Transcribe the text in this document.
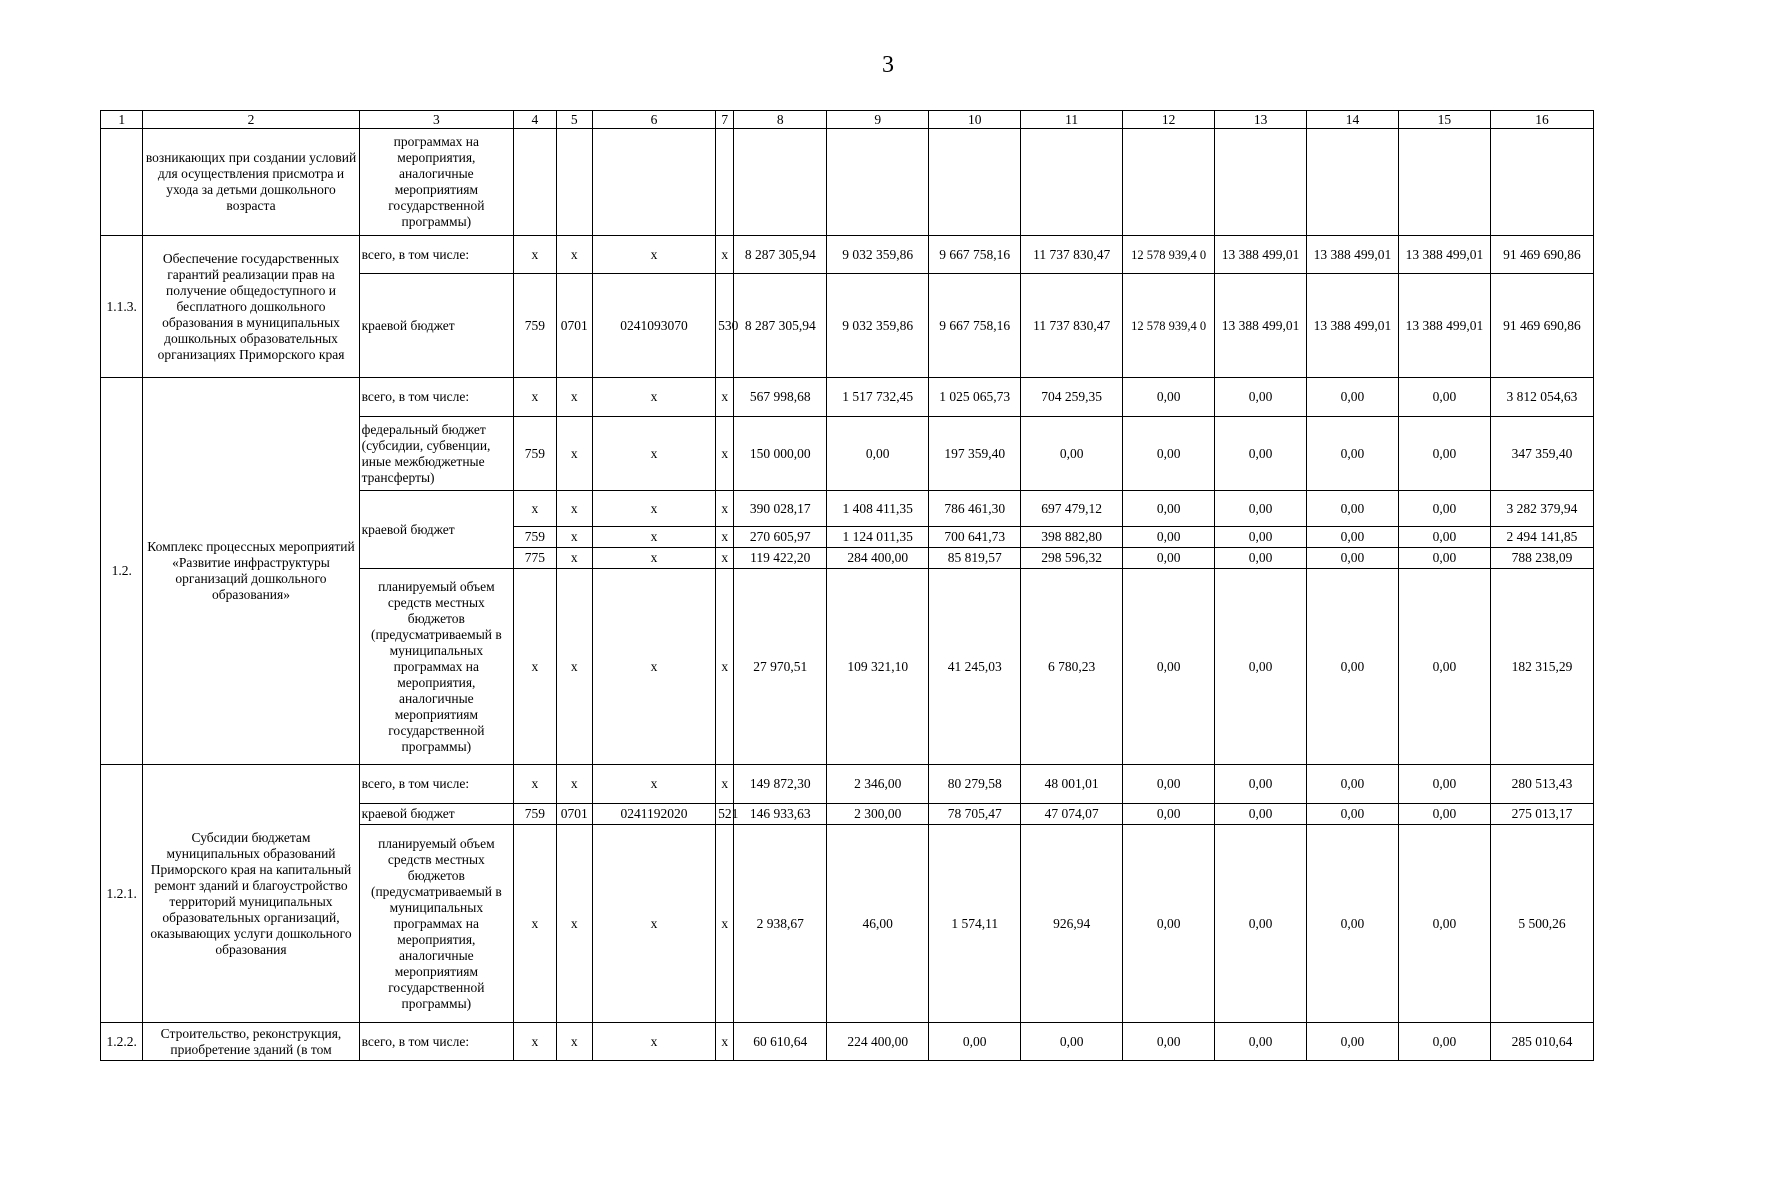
3
1	2	3	4	5	6	7	8	9	10	11	12	13	14	15	16
	возникающих при создании условий для осуществления присмотра и ухода за детьми дошкольного возраста	программах на мероприятия, аналогичные мероприятиям государственной программы)													
1.1.3.	Обеспечение государственных гарантий реализации прав на получение общедоступного и бесплатного дошкольного образования в муниципальных дошкольных образовательных организациях Приморского края	всего, в том числе:	х	х	х	х	8 287 305,94	9 032 359,86	9 667 758,16	11 737 830,47	12 578 939,4 0	13 388 499,01	13 388 499,01	13 388 499,01	91 469 690,86
		краевой бюджет	759	0701	0241093070	530	8 287 305,94	9 032 359,86	9 667 758,16	11 737 830,47	12 578 939,4 0	13 388 499,01	13 388 499,01	13 388 499,01	91 469 690,86
1.2.	Комплекс процессных мероприятий «Развитие инфраструктуры организаций дошкольного образования»	всего, в том числе:	х	х	х	х	567 998,68	1 517 732,45	1 025 065,73	704 259,35	0,00	0,00	0,00	0,00	3 812 054,63
		федеральный бюджет (субсидии, субвенции, иные межбюджетные трансферты)	759	х	х	х	150 000,00	0,00	197 359,40	0,00	0,00	0,00	0,00	0,00	347 359,40
		краевой бюджет	х	х	х	х	390 028,17	1 408 411,35	786 461,30	697 479,12	0,00	0,00	0,00	0,00	3 282 379,94
			759	х	х	х	270 605,97	1 124 011,35	700 641,73	398 882,80	0,00	0,00	0,00	0,00	2 494 141,85
			775	х	х	х	119 422,20	284 400,00	85 819,57	298 596,32	0,00	0,00	0,00	0,00	788 238,09
		планируемый объем средств местных бюджетов (предусматриваемый в муниципальных программах на мероприятия, аналогичные мероприятиям государственной программы)	х	х	х	х	27 970,51	109 321,10	41 245,03	6 780,23	0,00	0,00	0,00	0,00	182 315,29
1.2.1.	Субсидии бюджетам муниципальных образований Приморского края на капитальный ремонт зданий и благоустройство территорий муниципальных образовательных организаций, оказывающих услуги дошкольного образования	всего, в том числе:	х	х	х	х	149 872,30	2 346,00	80 279,58	48 001,01	0,00	0,00	0,00	0,00	280 513,43
		краевой бюджет	759	0701	0241192020	521	146 933,63	2 300,00	78 705,47	47 074,07	0,00	0,00	0,00	0,00	275 013,17
		планируемый объем средств местных бюджетов (предусматриваемый в муниципальных программах на мероприятия, аналогичные мероприятиям государственной программы)	х	х	х	х	2 938,67	46,00	1 574,11	926,94	0,00	0,00	0,00	0,00	5 500,26
1.2.2.	Строительство, реконструкция, приобретение зданий (в том	всего, в том числе:	х	х	х	х	60 610,64	224 400,00	0,00	0,00	0,00	0,00	0,00	0,00	285 010,64
